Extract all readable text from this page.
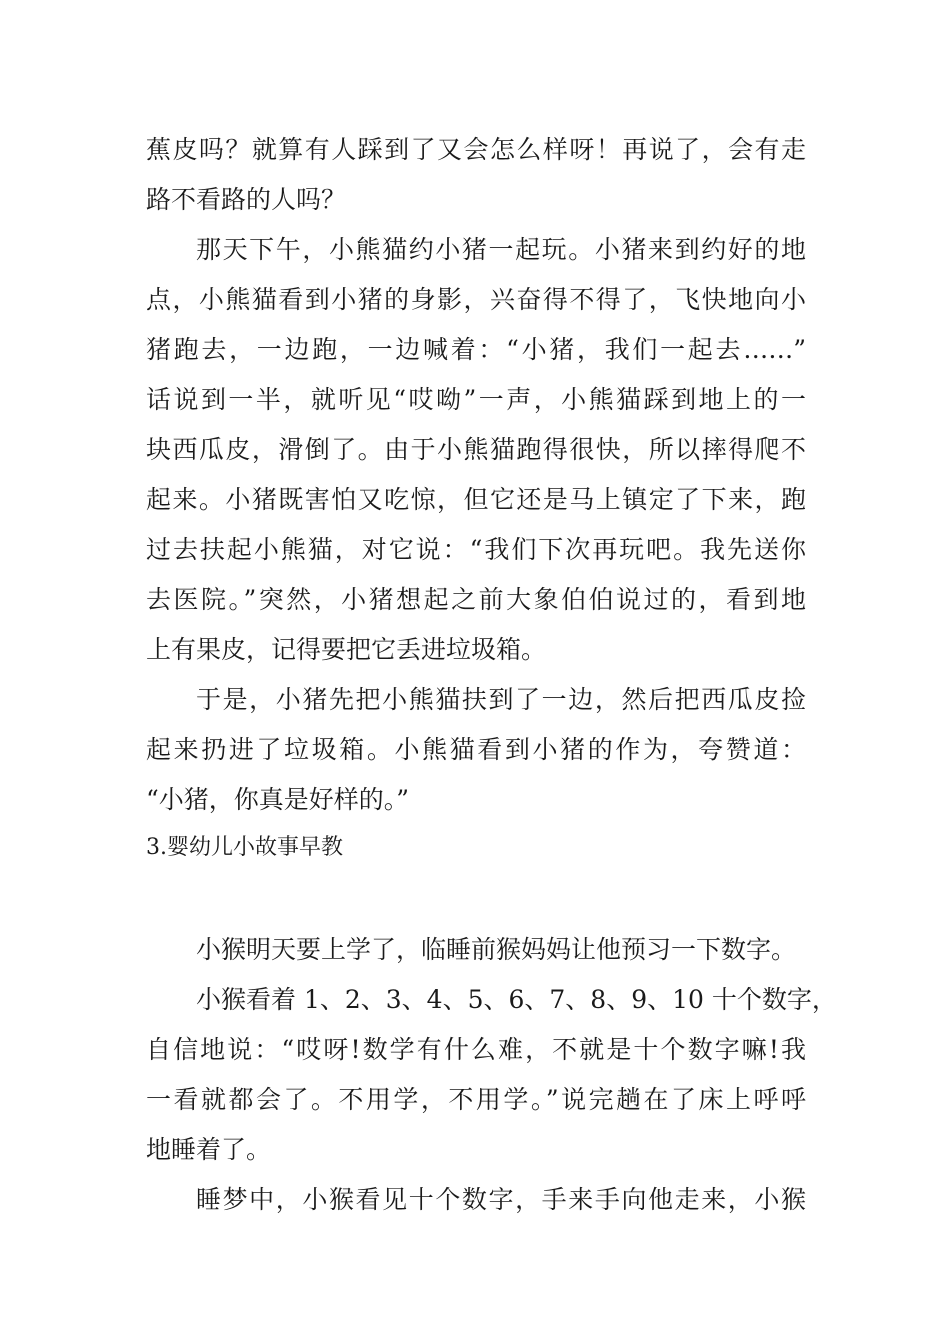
蕉皮吗？就算有人踩到了又会怎么样呀！再说了，会有走
路不看路的人吗？
那天下午，小熊猫约小猪一起玩。小猪来到约好的地
点，小熊猫看到小猪的身影，兴奋得不得了，飞快地向小
猪跑去，一边跑，一边喊着：“小猪，我们一起去……”
话说到一半，就听见“哎呦”一声，小熊猫踩到地上的一
块西瓜皮，滑倒了。由于小熊猫跑得很快，所以摔得爬不
起来。小猪既害怕又吃惊，但它还是马上镇定了下来，跑
过去扶起小熊猫，对它说：“我们下次再玩吧。我先送你
去医院。”突然，小猪想起之前大象伯伯说过的，看到地
上有果皮，记得要把它丢进垃圾箱。
于是，小猪先把小熊猫扶到了一边，然后把西瓜皮捡
起来扔进了垃圾箱。小熊猫看到小猪的作为，夸赞道：
“小猪，你真是好样的。”
3.婴幼儿小故事早教
小猴明天要上学了，临睡前猴妈妈让他预习一下数字。
小猴看着 1、2、3、4、5、6、7、8、9、10 十个数字，
自信地说：“哎呀!数学有什么难，不就是十个数字嘛!我
一看就都会了。不用学，不用学。”说完趟在了床上呼呼
地睡着了。
睡梦中，小猴看见十个数字，手来手向他走来，小猴
